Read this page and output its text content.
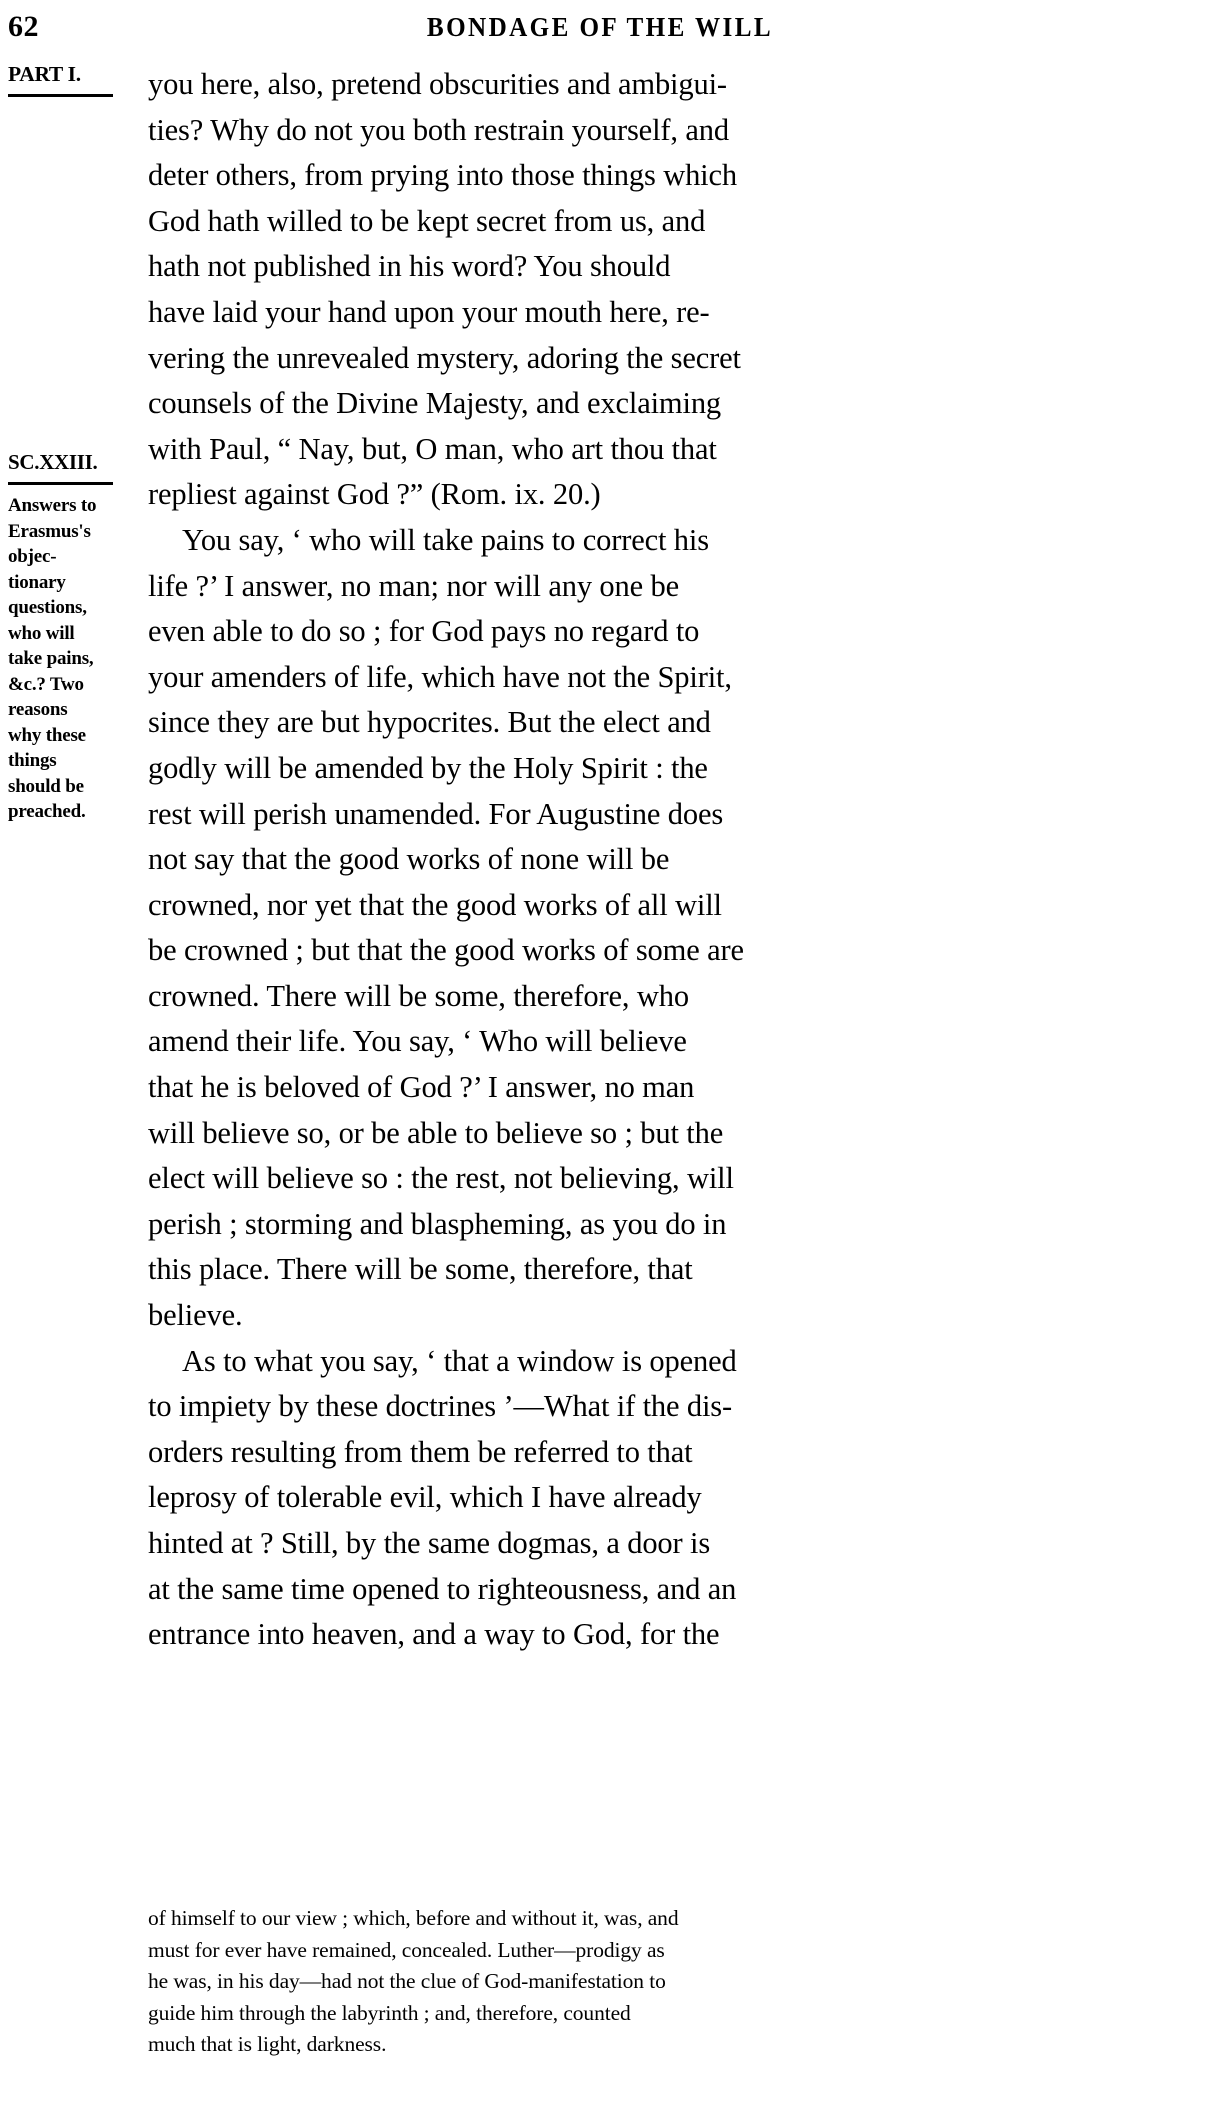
62	BONDAGE OF THE WILL
PART I.
SC.XXIII.
Answers to
Erasmus's
objec-
tionary
questions,
who will
take pains,
&c.? Two
reasons
why these
things
should be
preached.

you here, also, pretend obscurities and ambigui-
ties? Why do not you both restrain yourself, and
deter others, from prying into those things which
God hath willed to be kept secret from us, and
hath not published in his word? You should
have laid your hand upon your mouth here, re-
vering the unrevealed mystery, adoring the secret
counsels of the Divine Majesty, and exclaiming
with Paul, “ Nay, but, O man, who art thou that
repliest against God ?” (Rom. ix. 20.)

You say, ‘ who will take pains to correct his
life ?’ I answer, no man; nor will any one be
even able to do so ; for God pays no regard to
your amenders of life, which have not the Spirit,
since they are but hypocrites. But the elect and
godly will be amended by the Holy Spirit : the
rest will perish unamended. For Augustine does
not say that the good works of none will be
crowned, nor yet that the good works of all will
be crowned ; but that the good works of some are
crowned. There will be some, therefore, who
amend their life. You say, ‘ Who will believe
that he is beloved of God ?’ I answer, no man
will believe so, or be able to believe so ; but the
elect will believe so : the rest, not believing, will
perish ; storming and blaspheming, as you do in
this place. There will be some, therefore, that
believe.

As to what you say, ‘ that a window is opened
to impiety by these doctrines ’—What if the dis-
orders resulting from them be referred to that
leprosy of tolerable evil, which I have already
hinted at ? Still, by the same dogmas, a door is
at the same time opened to righteousness, and an
entrance into heaven, and a way to God, for the

of himself to our view ; which, before and without it, was, and
must for ever have remained, concealed. Luther—prodigy as
he was, in his day—had not the clue of God-manifestation to
guide him through the labyrinth ; and, therefore, counted
much that is light, darkness.
